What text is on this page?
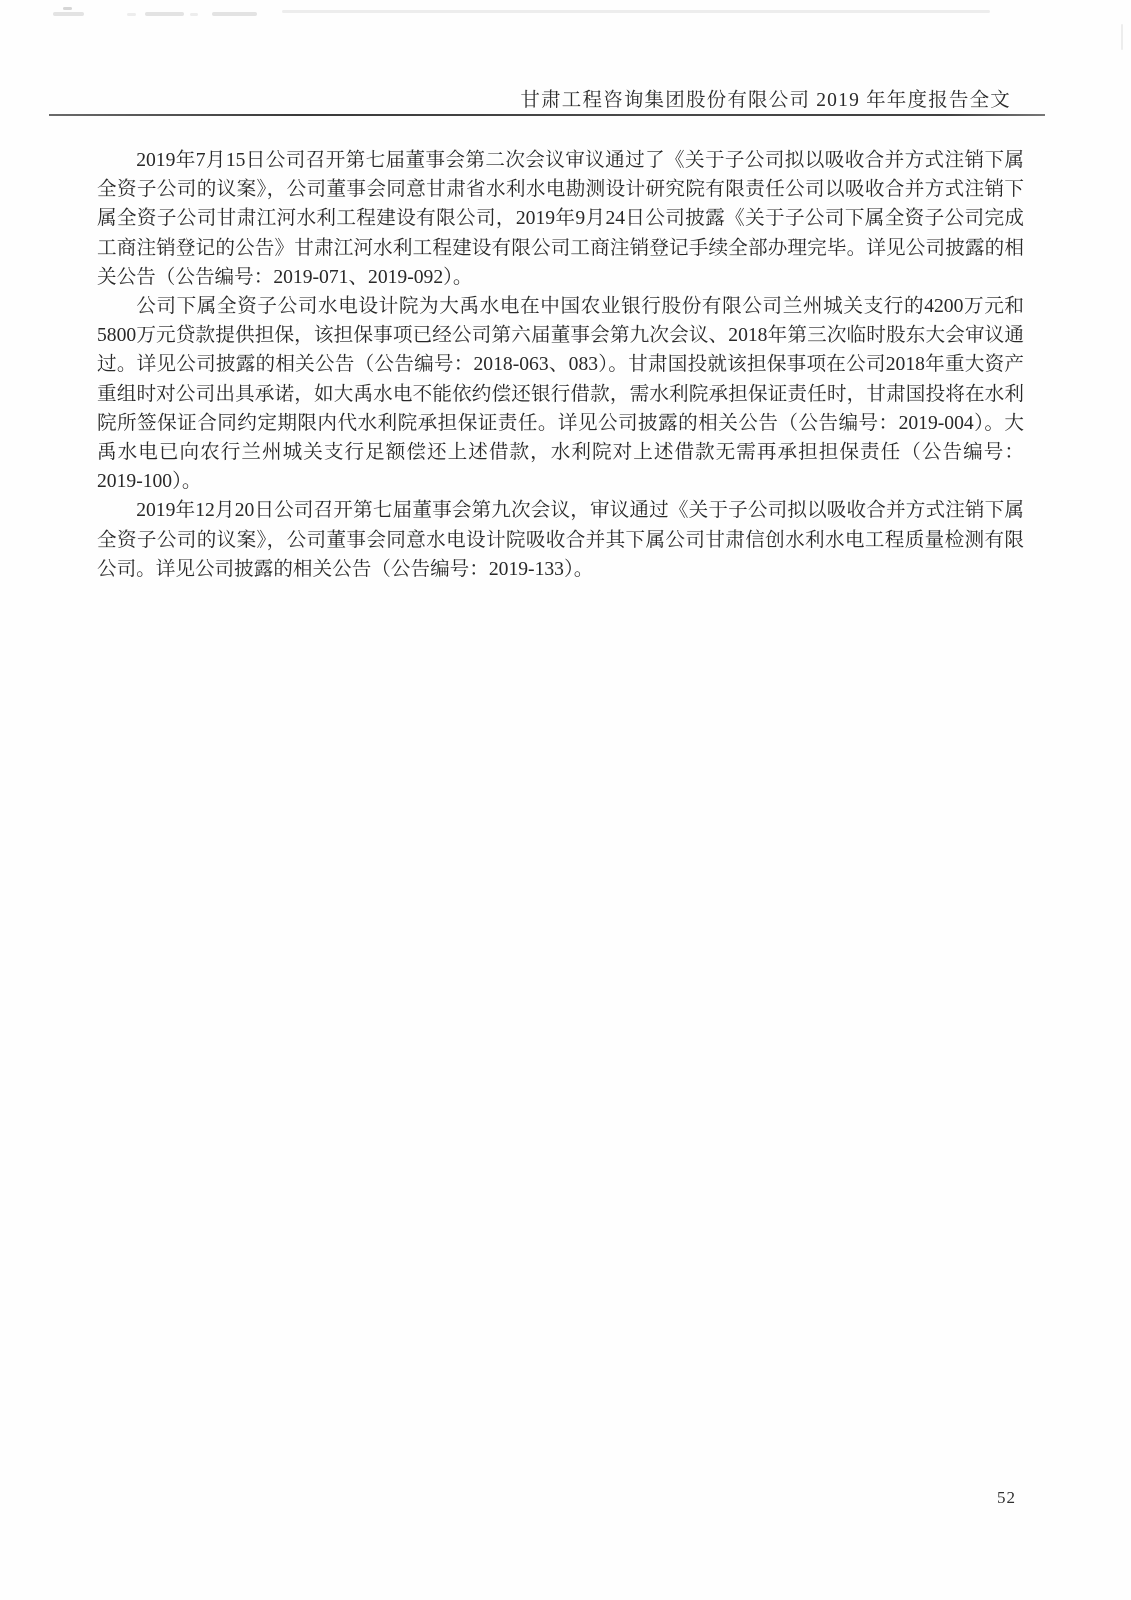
甘肃工程咨询集团股份有限公司 2019 年年度报告全文

2019年7月15日公司召开第七届董事会第二次会议审议通过了《关于子公司拟以吸收合并方式注销下属全资子公司的议案》，公司董事会同意甘肃省水利水电勘测设计研究院有限责任公司以吸收合并方式注销下属全资子公司甘肃江河水利工程建设有限公司，2019年9月24日公司披露《关于子公司下属全资子公司完成工商注销登记的公告》甘肃江河水利工程建设有限公司工商注销登记手续全部办理完毕。详见公司披露的相关公告（公告编号：2019-071、2019-092）。

公司下属全资子公司水电设计院为大禹水电在中国农业银行股份有限公司兰州城关支行的4200万元和5800万元贷款提供担保，该担保事项已经公司第六届董事会第九次会议、2018年第三次临时股东大会审议通过。详见公司披露的相关公告（公告编号：2018-063、083）。甘肃国投就该担保事项在公司2018年重大资产重组时对公司出具承诺，如大禹水电不能依约偿还银行借款，需水利院承担保证责任时，甘肃国投将在水利院所签保证合同约定期限内代水利院承担保证责任。详见公司披露的相关公告（公告编号：2019-004）。大禹水电已向农行兰州城关支行足额偿还上述借款，水利院对上述借款无需再承担担保责任（公告编号：2019-100）。

2019年12月20日公司召开第七届董事会第九次会议，审议通过《关于子公司拟以吸收合并方式注销下属全资子公司的议案》，公司董事会同意水电设计院吸收合并其下属公司甘肃信创水利水电工程质量检测有限公司。详见公司披露的相关公告（公告编号：2019-133）。

52
